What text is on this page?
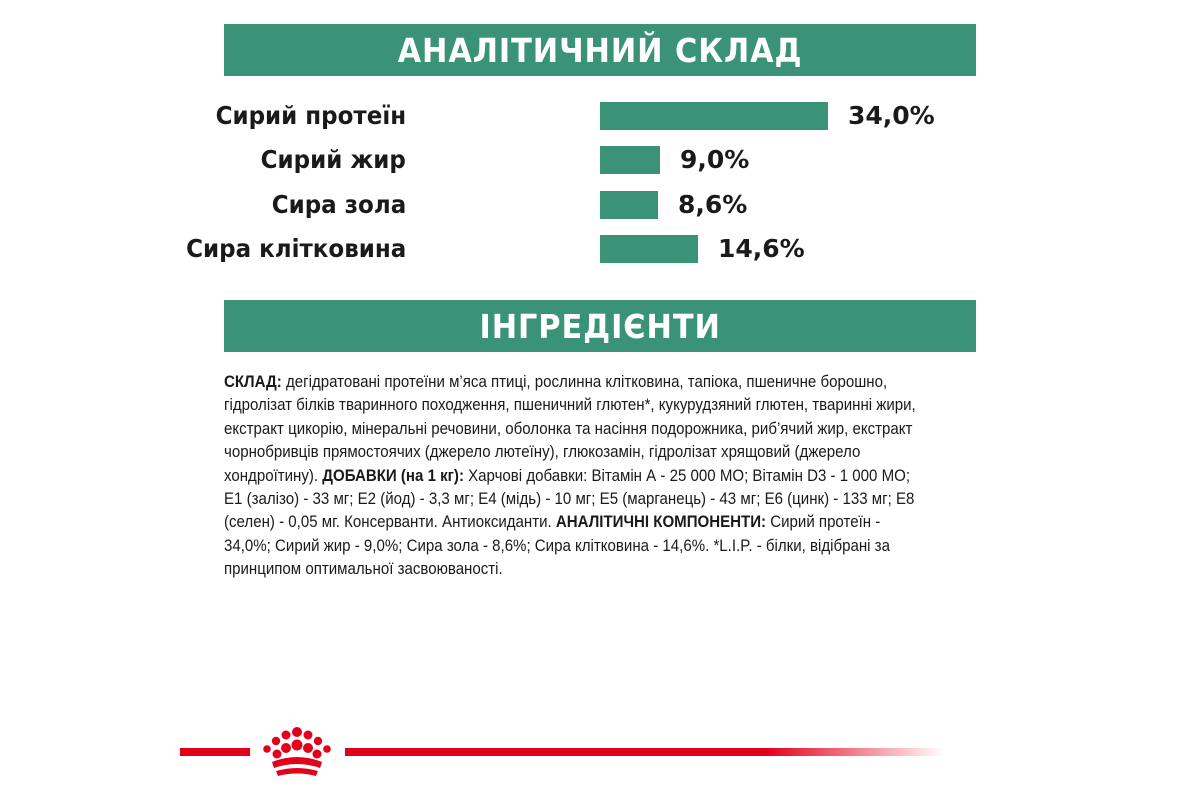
АНАЛІТИЧНИЙ СКЛАД
Сирий протеїн	34,0%
Сирий жир	9,0%
Сира зола	8,6%
Сира клітковина	14,6%
ІНГРЕДІЄНТИ
СКЛАД: дегідратовані протеїни м’яса птиці, рослинна клітковина, тапіока, пшеничне борошно, гідролізат білків тваринного походження, пшеничний глютен*, кукурудзяний глютен, тваринні жири, екстракт цикорію, мінеральні речовини, оболонка та насіння подорожника, риб’ячий жир, екстракт чорнобривців прямостоячих (джерело лютеїну), глюкозамін, гідролізат хрящовий (джерело хондроїтину). ДОБАВКИ (на 1 кг): Харчові добавки: Вітамін А - 25 000 МО; Вітамін D3 - 1 000 МО; E1 (залізо) - 33 мг; E2 (йод) - 3,3 мг; E4 (мідь) - 10 мг; E5 (марганець) - 43 мг; E6 (цинк) - 133 мг; E8 (селен) - 0,05 мг. Консерванти. Антиоксиданти. АНАЛІТИЧНІ КОМПОНЕНТИ: Сирий протеїн - 34,0%; Сирий жир - 9,0%; Сира зола - 8,6%; Сира клітковина - 14,6%. *L.I.P. - білки, відібрані за принципом оптимальної засвоюваності.
